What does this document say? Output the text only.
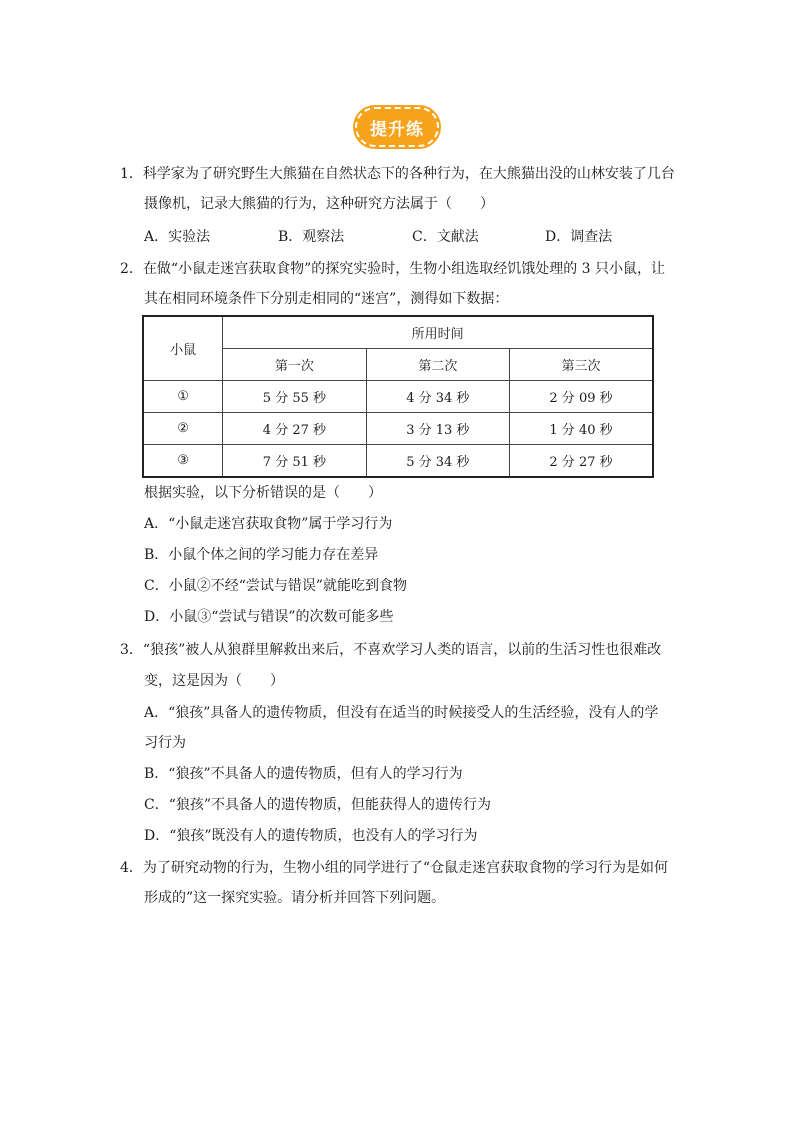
提升练
1．科学家为了研究野生大熊猫在自然状态下的各种行为，在大熊猫出没的山林安装了几台
摄像机，记录大熊猫的行为，这种研究方法属于（　　）
A．实验法	B．观察法	C．文献法	D．调查法
2．在做“小鼠走迷宫获取食物”的探究实验时，生物小组选取经饥饿处理的 3 只小鼠，让
其在相同环境条件下分别走相同的“迷宫”，测得如下数据：
小鼠	所用时间		
	第一次	第二次	第三次
①	5 分 55 秒	4 分 34 秒	2 分 09 秒
②	4 分 27 秒	3 分 13 秒	1 分 40 秒
③	7 分 51 秒	5 分 34 秒	2 分 27 秒
根据实验，以下分析错误的是（　　）
A．“小鼠走迷宫获取食物”属于学习行为
B．小鼠个体之间的学习能力存在差异
C．小鼠②不经“尝试与错误”就能吃到食物
D．小鼠③“尝试与错误”的次数可能多些
3．“狼孩”被人从狼群里解救出来后，不喜欢学习人类的语言，以前的生活习性也很难改
变，这是因为（　　）
A．“狼孩”具备人的遗传物质，但没有在适当的时候接受人的生活经验，没有人的学
习行为
B．“狼孩”不具备人的遗传物质，但有人的学习行为
C．“狼孩”不具备人的遗传物质，但能获得人的遗传行为
D．“狼孩”既没有人的遗传物质，也没有人的学习行为
4．为了研究动物的行为，生物小组的同学进行了“仓鼠走迷宫获取食物的学习行为是如何
形成的”这一探究实验。请分析并回答下列问题。
